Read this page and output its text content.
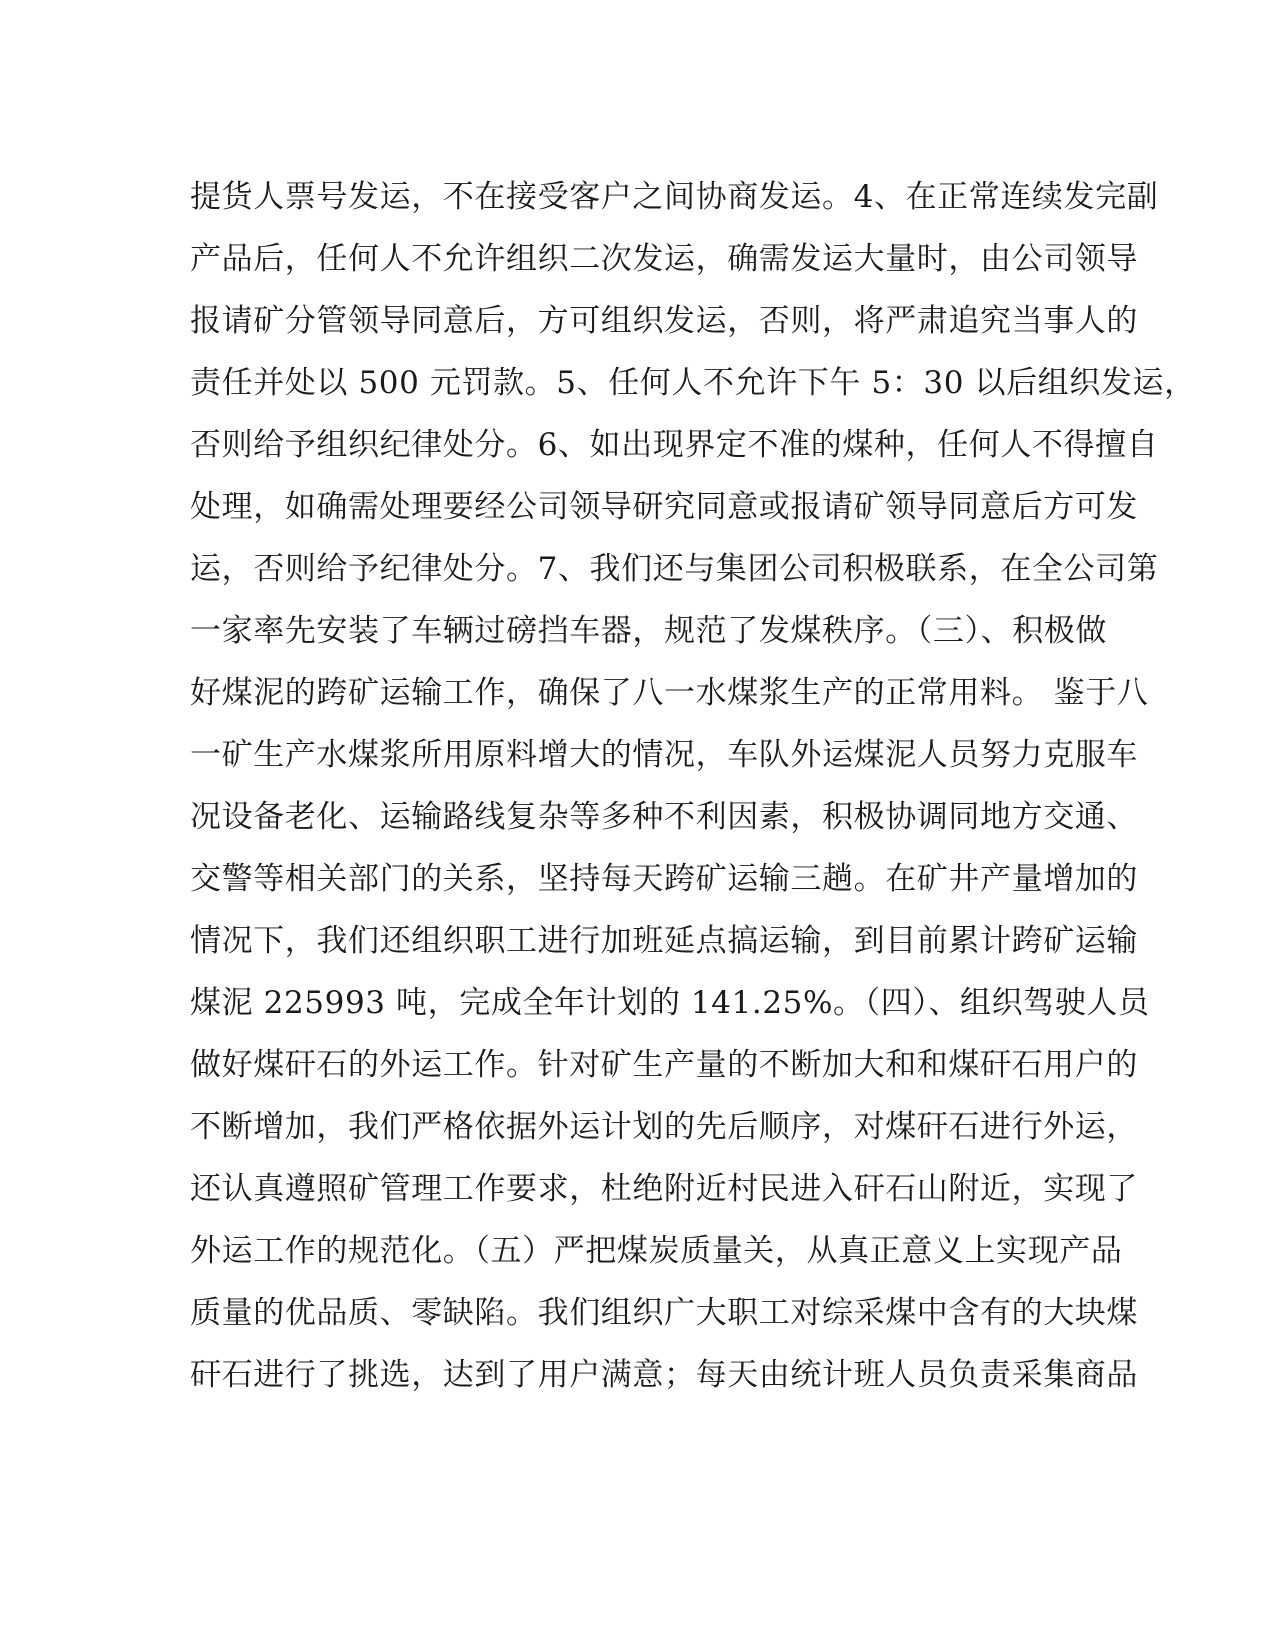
提货人票号发运，不在接受客户之间协商发运。4、在正常连续发完副
产品后，任何人不允许组织二次发运，确需发运大量时，由公司领导
报请矿分管领导同意后，方可组织发运，否则，将严肃追究当事人的
责任并处以 500 元罚款。5、任何人不允许下午 5：30 以后组织发运，
否则给予组织纪律处分。6、如出现界定不准的煤种，任何人不得擅自
处理，如确需处理要经公司领导研究同意或报请矿领导同意后方可发
运，否则给予纪律处分。7、我们还与集团公司积极联系，在全公司第
一家率先安装了车辆过磅挡车器，规范了发煤秩序。（三）、积极做
好煤泥的跨矿运输工作，确保了八一水煤浆生产的正常用料。 鉴于八
一矿生产水煤浆所用原料增大的情况，车队外运煤泥人员努力克服车
况设备老化、运输路线复杂等多种不利因素，积极协调同地方交通、
交警等相关部门的关系，坚持每天跨矿运输三趟。在矿井产量增加的
情况下，我们还组织职工进行加班延点搞运输，到目前累计跨矿运输
煤泥 225993 吨，完成全年计划的 141.25%。（四）、组织驾驶人员
做好煤矸石的外运工作。针对矿生产量的不断加大和和煤矸石用户的
不断增加，我们严格依据外运计划的先后顺序，对煤矸石进行外运，
还认真遵照矿管理工作要求，杜绝附近村民进入矸石山附近，实现了
外运工作的规范化。（五）严把煤炭质量关，从真正意义上实现产品
质量的优品质、零缺陷。我们组织广大职工对综采煤中含有的大块煤
矸石进行了挑选，达到了用户满意；每天由统计班人员负责采集商品
